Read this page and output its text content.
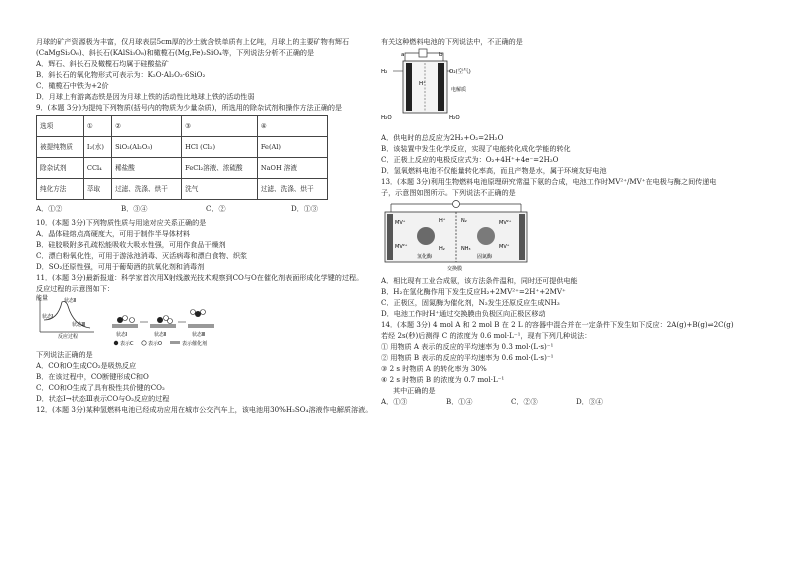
月球的矿产资源极为丰富，仅月球表层5cm厚的沙土就含铁单质有上亿吨，月球上的主要矿物有辉石
(CaMgSi₂O₆)、斜长石(KAlSi₃O₈)和橄榄石(Mg,Fe)₂SiO₄等，下列说法分析不正确的是
A．辉石、斜长石及橄榄石均属于硅酸盐矿
B．斜长石的氧化物形式可表示为：K₂O·Al₂O₃·6SiO₂
C．橄榄石中铁为+2价
D．月球上有游离态铁是因为月球上铁的活动性比地球上铁的活动性弱
9．(本题 3分)为提纯下列物质(括号内的物质为少量杂质)，所选用的除杂试剂和操作方法正确的是
选项	①	②	③	④
被提纯物质	I₂(水)	SiO₂(Al₂O₃)	HCl (Cl₂)	Fe(Al)
除杂试剂	CCl₄	稀盐酸	FeCl₂溶液、浓硫酸	NaOH 溶液
纯化方法	萃取	过滤、洗涤、烘干	洗气	过滤、洗涤、烘干
A．①②	B．③④	C．②	D．①③
10．(本题 3分)下列物质性质与用途对应关系正确的是
A．晶体硅熔点高硬度大，可用于制作半导体材料
B．硅胶吸附多孔疏松能吸收大吸水性强，可用作食品干燥剂
C．漂白粉氧化性，可用于游泳池消毒、灭活病毒和漂白食物、织浆
D．SO₂还原性强，可用于葡萄酒的抗氧化剂和消毒剂
11．(本题 3分)最新报道：科学家首次用X射线激光技术观察到CO与O在催化剂表面形成化学键的过程。
反应过程的示意图如下：
能量	状态Ⅱ
状态Ⅰ
状态Ⅲ
反应过程	状态Ⅰ	状态Ⅱ	状态Ⅲ
表示C	表示O	表示催化剂
下列说法正确的是
A．CO和O生成CO₂是吸热反应
B．在该过程中，CO断键形成C和O
C．CO和O生成了具有极性共价键的CO₂
D．状态Ⅰ→状态Ⅲ表示CO与O₂反应的过程
12．(本题 3分)某种氢燃料电池已经成功应用在城市公交汽车上，该电池用30%H₂SO₄溶液作电解质溶液。
有关这种燃料电池的下列说法中，不正确的是
a	b
H₂	O₂(空气)
H⁺
电解质
H₂O	H₂O
A．供电时的总反应为2H₂+O₂=2H₂O
B．该装置中发生化学反应，实现了电能转化成化学能的转化
C．正极上反应的电极反应式为：O₂+4H⁺+4e⁻=2H₂O
D．氢氧燃料电池不仅能量转化率高，而且产物是水，属于环境友好电池
13．(本题 3分)利用生物燃料电池原理研究常温下氨的合成，电池工作时MV²⁺/MV⁺在电极与酶之间传递电
子，示意图如图所示。下列说法不正确的是
MV⁺
MV²⁺
MV²⁺
MV⁺
H⁺
H₂
N₂
NH₃
氢化酶	固氮酶
交换膜
A．相比现有工业合成氨，该方法条件温和，同时还可提供电能
B．H₂在氢化酶作用下发生反应H₂+2MV²⁺=2H⁺+2MV⁺
C．正极区，固氮酶为催化剂，N₂发生还原反应生成NH₃
D．电池工作时H⁺通过交换膜由负极区向正极区移动
14．(本题 3分) 4 mol A 和 2 mol B 在 2 L 的容器中混合并在一定条件下发生如下反应：2A(g)+B(g)⇌2C(g)
若经 2s(秒)后测得 C 的浓度为 0.6 mol·L⁻¹，现有下列几种说法：
① 用物质 A 表示的反应的平均速率为 0.3 mol·(L·s)⁻¹
② 用物质 B 表示的反应的平均速率为 0.6 mol·(L·s)⁻¹
③ 2 s 时物质 A 的转化率为 30%
④ 2 s 时物质 B 的浓度为 0.7 mol·L⁻¹
其中正确的是
A．①③	B．①④	C．②③	D．③④
